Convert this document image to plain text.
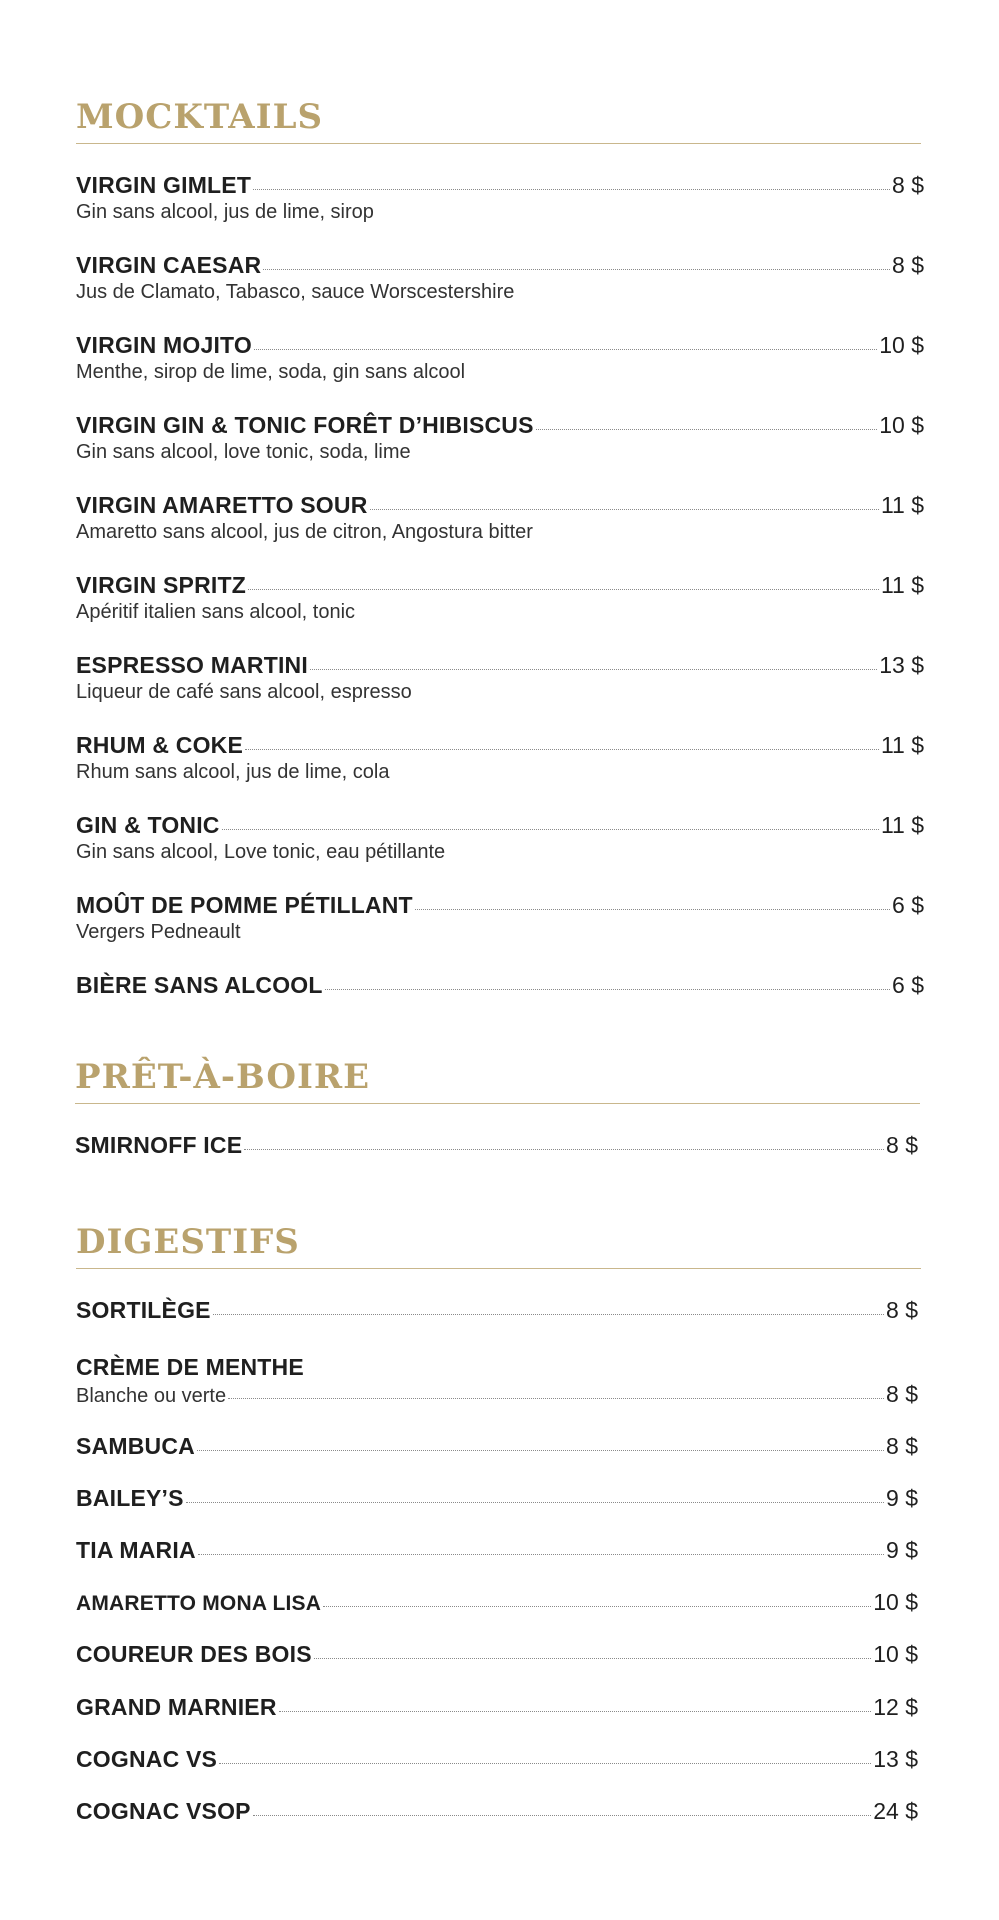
MOCKTAILS
VIRGIN GIMLET	8 $
Gin sans alcool, jus de lime, sirop
VIRGIN CAESAR	8 $
Jus de Clamato, Tabasco, sauce Worscestershire
VIRGIN MOJITO	10 $
Menthe, sirop de lime, soda, gin sans alcool
VIRGIN GIN & TONIC FORÊT D’HIBISCUS	10 $
Gin sans alcool, love tonic, soda, lime
VIRGIN AMARETTO SOUR	11 $
Amaretto sans alcool, jus de citron, Angostura bitter
VIRGIN SPRITZ	11 $
Apéritif italien sans alcool, tonic
ESPRESSO MARTINI	13 $
Liqueur de café sans alcool, espresso
RHUM & COKE	11 $
Rhum sans alcool, jus de lime, cola
GIN & TONIC	11 $
Gin sans alcool, Love tonic, eau pétillante
MOÛT DE POMME PÉTILLANT	6 $
Vergers Pedneault
BIÈRE SANS ALCOOL	6 $
PRÊT-À-BOIRE
SMIRNOFF ICE	8 $
DIGESTIFS
SORTILÈGE	8 $
CRÈME DE MENTHE
Blanche ou verte	8 $
SAMBUCA	8 $
BAILEY’S	9 $
TIA MARIA	9 $
AMARETTO MONA LISA	10 $
COUREUR DES BOIS	10 $
GRAND MARNIER	12 $
COGNAC VS	13 $
COGNAC VSOP	24 $
